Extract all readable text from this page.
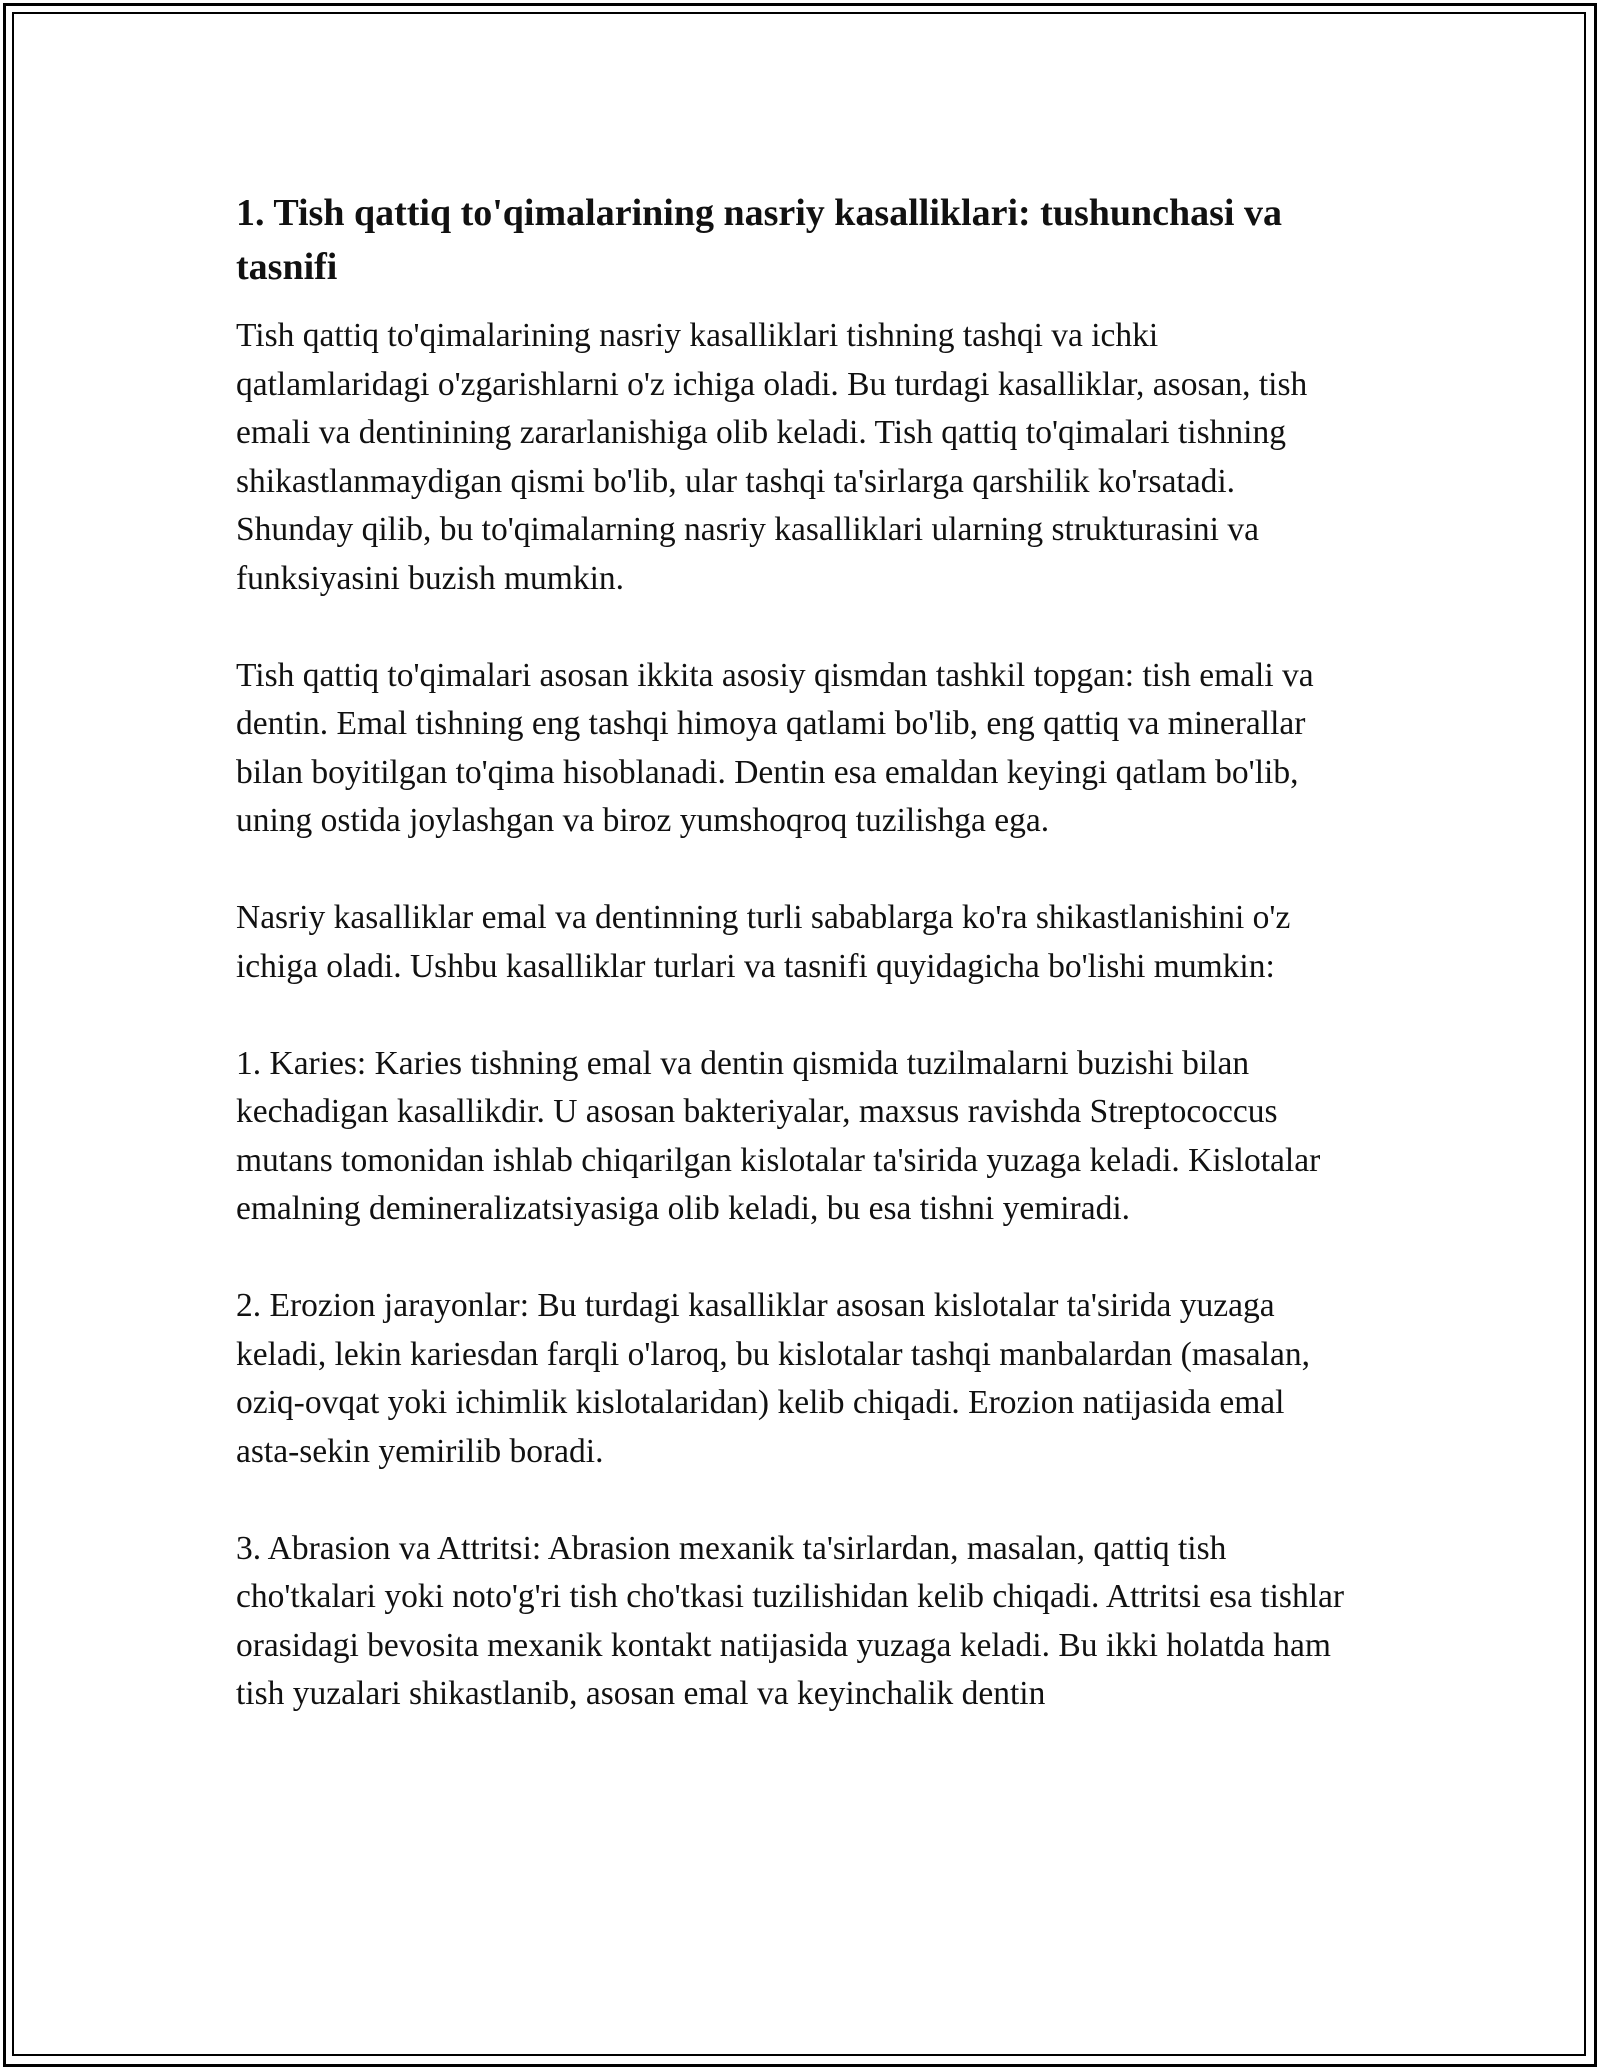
1. Tish qattiq to'qimalarining nasriy kasalliklari: tushunchasi va tasnifi

Tish qattiq to'qimalarining nasriy kasalliklari tishning tashqi va ichki qatlamlaridagi o'zgarishlarni o'z ichiga oladi. Bu turdagi kasalliklar, asosan, tish emali va dentinining zararlanishiga olib keladi. Tish qattiq to'qimalari tishning shikastlanmaydigan qismi bo'lib, ular tashqi ta'sirlarga qarshilik ko'rsatadi. Shunday qilib, bu to'qimalarning nasriy kasalliklari ularning strukturasini va funksiyasini buzish mumkin.

Tish qattiq to'qimalari asosan ikkita asosiy qismdan tashkil topgan: tish emali va dentin. Emal tishning eng tashqi himoya qatlami bo'lib, eng qattiq va minerallar bilan boyitilgan to'qima hisoblanadi. Dentin esa emaldan keyingi qatlam bo'lib, uning ostida joylashgan va biroz yumshoqroq tuzilishga ega.

Nasriy kasalliklar emal va dentinning turli sabablarga ko'ra shikastlanishini o'z ichiga oladi. Ushbu kasalliklar turlari va tasnifi quyidagicha bo'lishi mumkin:

1. Karies: Karies tishning emal va dentin qismida tuzilmalarni buzishi bilan kechadigan kasallikdir. U asosan bakteriyalar, maxsus ravishda Streptococcus mutans tomonidan ishlab chiqarilgan kislotalar ta'sirida yuzaga keladi. Kislotalar emalning demineralizatsiyasiga olib keladi, bu esa tishni yemiradi.

2. Erozion jarayonlar: Bu turdagi kasalliklar asosan kislotalar ta'sirida yuzaga keladi, lekin kariesdan farqli o'laroq, bu kislotalar tashqi manbalardan (masalan, oziq-ovqat yoki ichimlik kislotalaridan) kelib chiqadi. Erozion natijasida emal asta-sekin yemirilib boradi.

3. Abrasion va Attritsi: Abrasion mexanik ta'sirlardan, masalan, qattiq tish cho'tkalari yoki noto'g'ri tish cho'tkasi tuzilishidan kelib chiqadi. Attritsi esa tishlar orasidagi bevosita mexanik kontakt natijasida yuzaga keladi. Bu ikki holatda ham tish yuzalari shikastlanib, asosan emal va keyinchalik dentin
